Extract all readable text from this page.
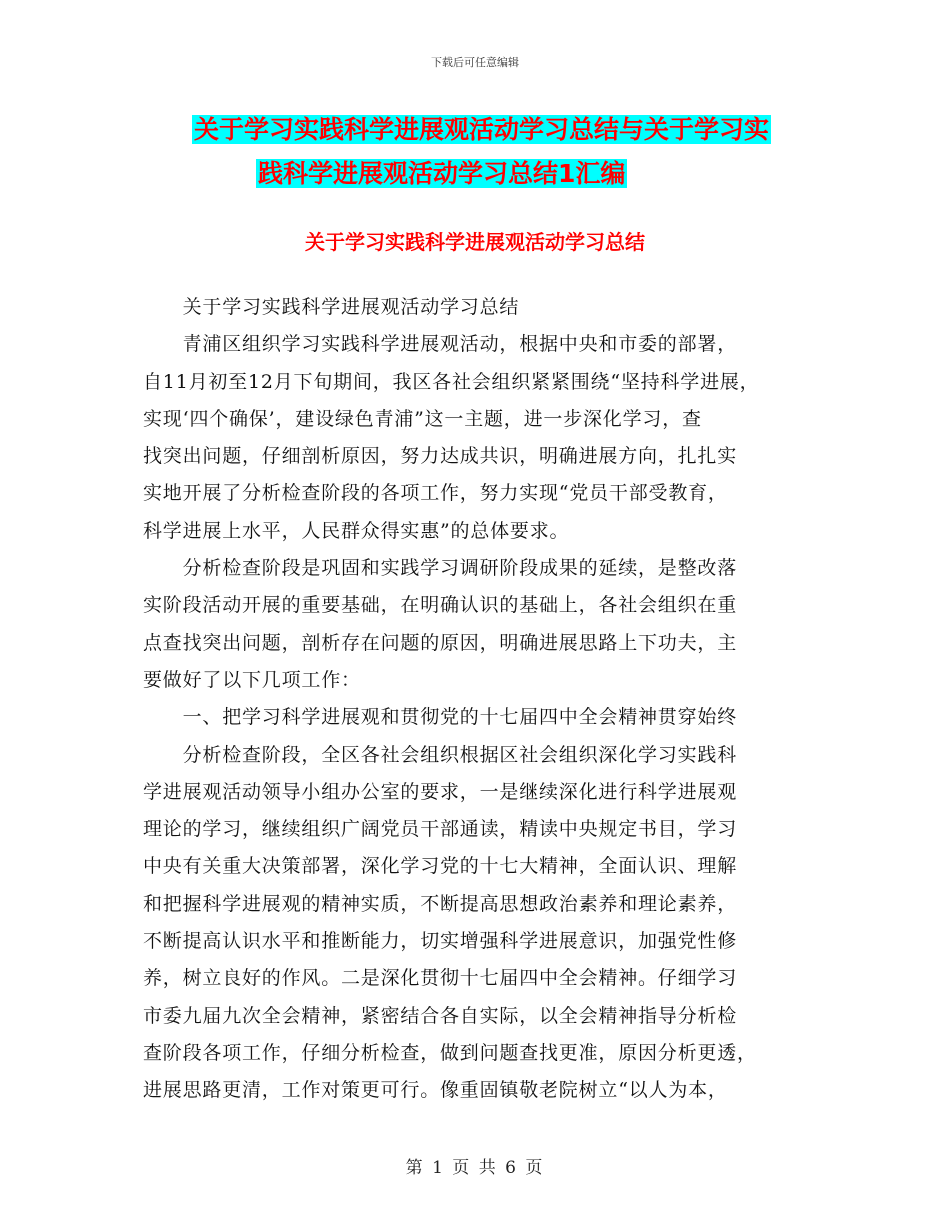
下载后可任意编辑
关于学习实践科学进展观活动学习总结与关于学习实
践科学进展观活动学习总结1汇编
关于学习实践科学进展观活动学习总结
　　关于学习实践科学进展观活动学习总结
　　青浦区组织学习实践科学进展观活动，根据中央和市委的部署，
自11月初至12月下旬期间，我区各社会组织紧紧围绕“坚持科学进展，
实现‘四个确保’，建设绿色青浦”这一主题，进一步深化学习，查
找突出问题，仔细剖析原因，努力达成共识，明确进展方向，扎扎实
实地开展了分析检查阶段的各项工作，努力实现“党员干部受教育，
科学进展上水平，人民群众得实惠”的总体要求。
　　分析检查阶段是巩固和实践学习调研阶段成果的延续，是整改落
实阶段活动开展的重要基础，在明确认识的基础上，各社会组织在重
点查找突出问题，剖析存在问题的原因，明确进展思路上下功夫，主
要做好了以下几项工作：
　　一、把学习科学进展观和贯彻党的十七届四中全会精神贯穿始终
　　分析检查阶段，全区各社会组织根据区社会组织深化学习实践科
学进展观活动领导小组办公室的要求，一是继续深化进行科学进展观
理论的学习，继续组织广阔党员干部通读，精读中央规定书目，学习
中央有关重大决策部署，深化学习党的十七大精神，全面认识、理解
和把握科学进展观的精神实质，不断提高思想政治素养和理论素养，
不断提高认识水平和推断能力，切实增强科学进展意识，加强党性修
养，树立良好的作风。二是深化贯彻十七届四中全会精神。仔细学习
市委九届九次全会精神，紧密结合各自实际，以全会精神指导分析检
查阶段各项工作，仔细分析检查，做到问题查找更准，原因分析更透，
进展思路更清，工作对策更可行。像重固镇敬老院树立“以人为本，
第 1 页 共 6 页
